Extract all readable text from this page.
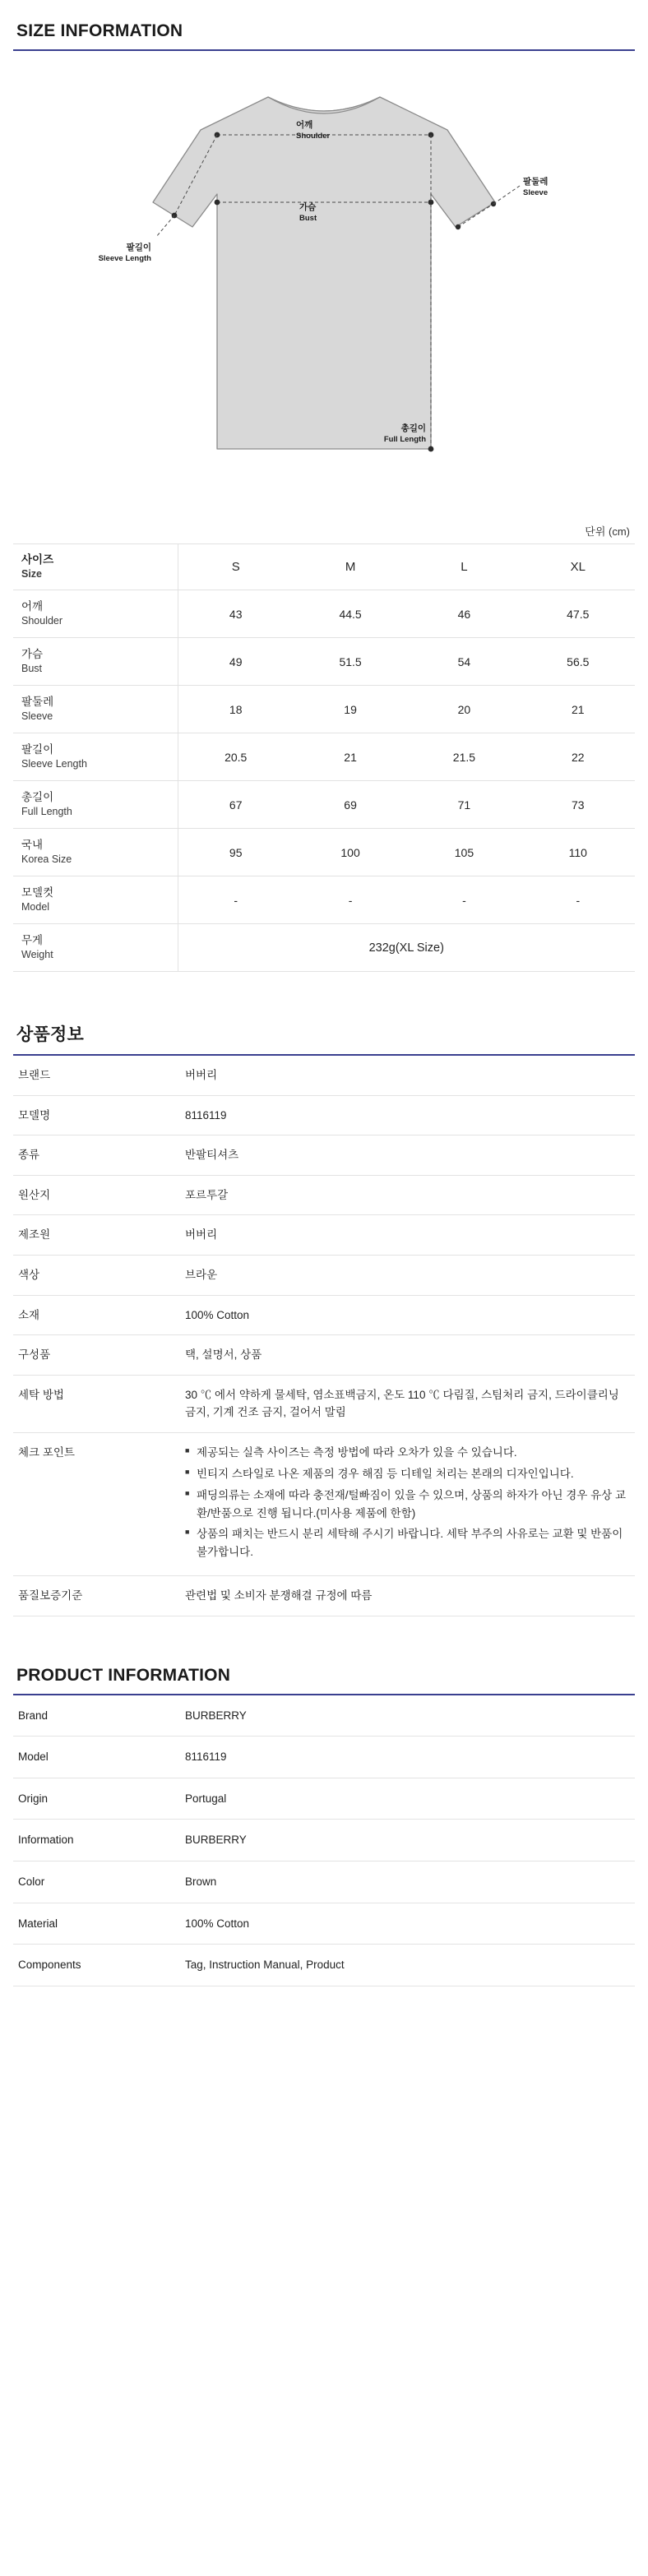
SIZE INFORMATION
어깨
Shoulder
팔둘레
Sleeve
가슴
Bust
팔길이
Sleeve Length
총길이
Full Length
단위 (cm)
사이즈
Size	S	M	L	XL

어깨
Shoulder	43	44.5	46	47.5

가슴
Bust	49	51.5	54	56.5

팔둘레
Sleeve	18	19	20	21

팔길이
Sleeve Length	20.5	21	21.5	22

총길이
Full Length	67	69	71	73

국내
Korea Size	95	100	105	110

모델컷
Model	-	-	-	-

무게
Weight	232g(XL Size)			
상품정보
브랜드	버버리
모델명	8116119
종류	반팔티셔츠
원산지	포르투갈
제조원	버버리
색상	브라운
소재	100% Cotton
구성품	택, 설명서, 상품
세탁 방법	30 ℃ 에서 약하게 물세탁, 염소표백금지, 온도 110 ℃ 다림질, 스팀처리 금지, 드라이클리닝 금지, 기계 건조 금지, 걸어서 말림
체크 포인트	
■제공되는 실측 사이즈는 측정 방법에 따라 오차가 있을 수 있습니다.
■ 빈티지 스타일로 나온 제품의 경우 해짐 등 디테일 처리는 본래의 디자인입니다.
■ 패딩의류는 소재에 따라 충전재/털빠짐이 있을 수 있으며, 상품의 하자가 아닌 경우 유상 교환/반품으로 진행 됩니다.(미사용 제품에 한함)
■ 상품의 패치는 반드시 분리 세탁해 주시기 바랍니다. 세탁 부주의 사유로는 교환 및 반품이 불가합니다.

품질보증기준	관련법 및 소비자 분쟁해결 규정에 따름
PRODUCT INFORMATION
Brand	BURBERRY
Model	8116119
Origin	Portugal
Information	BURBERRY
Color	Brown
Material	100% Cotton
Components	Tag, Instruction Manual, Product
